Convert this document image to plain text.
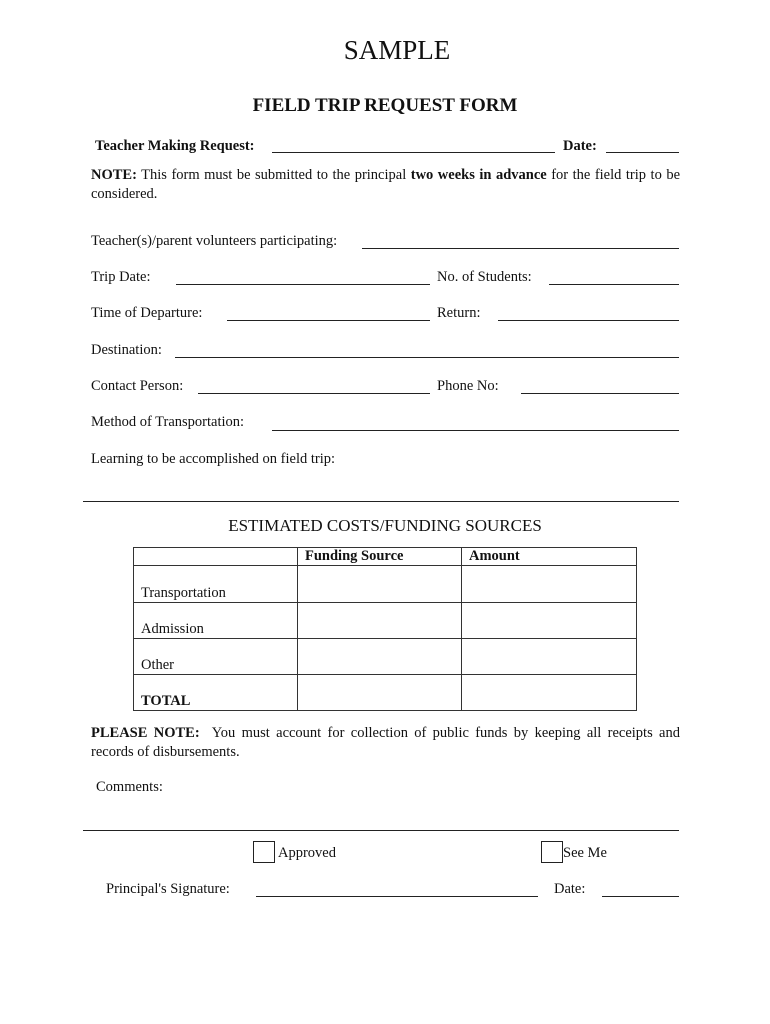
SAMPLE
FIELD TRIP REQUEST FORM
Teacher Making Request:	Date:
NOTE: This form must be submitted to the principal two weeks in advance for the field trip to be considered.
Teacher(s)/parent volunteers participating:
Trip Date:	No. of Students:
Time of Departure:	Return:
Destination:
Contact Person:	Phone No:
Method of Transportation:
Learning to be accomplished on field trip:
ESTIMATED COSTS/FUNDING SOURCES
	Funding Source	Amount
Transportation		
Admission		
Other		
TOTAL		
PLEASE NOTE:  You must account for collection of public funds by keeping all receipts and records of disbursements.
Comments:
Approved	See Me
Principal's Signature:	Date:
